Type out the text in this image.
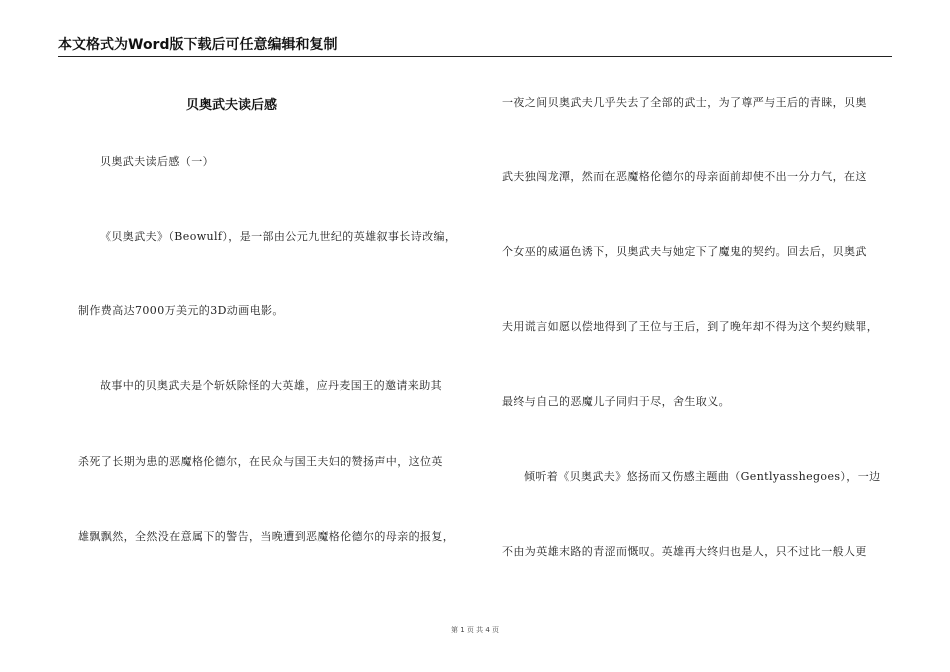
本文格式为Word版下载后可任意编辑和复制
贝奥武夫读后感
贝奥武夫读后感（一）
《贝奥武夫》（Beowulf），是一部由公元九世纪的英雄叙事长诗改编，
制作费高达7000万美元的3D动画电影。
故事中的贝奥武夫是个斩妖除怪的大英雄，应丹麦国王的邀请来助其
杀死了长期为患的恶魔格伦德尔，在民众与国王夫妇的赞扬声中，这位英
雄飘飘然，全然没在意属下的警告，当晚遭到恶魔格伦德尔的母亲的报复，
一夜之间贝奥武夫几乎失去了全部的武士，为了尊严与王后的青睐，贝奥
武夫独闯龙潭，然而在恶魔格伦德尔的母亲面前却使不出一分力气，在这
个女巫的威逼色诱下，贝奥武夫与她定下了魔鬼的契约。回去后，贝奥武
夫用谎言如愿以偿地得到了王位与王后，到了晚年却不得为这个契约赎罪，
最终与自己的恶魔儿子同归于尽，舍生取义。
倾听着《贝奥武夫》悠扬而又伤感主题曲（Gentlyasshegoes），一边
不由为英雄末路的青涩而慨叹。英雄再大终归也是人，只不过比一般人更
第 1 页 共 4 页
